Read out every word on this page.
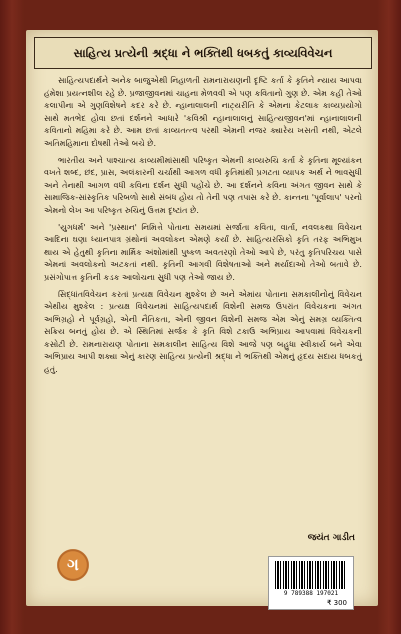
સાહિત્ય પ્રત્યેની શ્રદ્ધા ને ભક્તિથી ધબકતું કાવ્યવિવેચન

સાહિત્યપદાર્થને અનેક બાજુએથી નિહાળતી રામનારાયણની દૃષ્ટિ કર્તા કે કૃતિને ન્યાય આપવા હંમેશા પ્રયત્નશીલ રહે છે. પ્રજાજીવનમાં ચાહના મેળવવી એ પણ કવિતાનો ગુણ છે. એમ કહી તેઓ કલાપીના એ ગુણવિશેષને કદર કરે છે. ન્હાનાલાલની નાટ્યરીતિ કે એમના કેટલાક કાવ્યપ્રયોગો સાથે મતભેદ હોવા છતાં દર્શનને આધારે 'કવિશ્રી ન્હાનાલાલનું સાહિત્યજીવન'માં ન્હાનાલાલની કવિતાનો મહિમા કરે છે. આમ છતાં કાવ્યતત્ત્વ પરથી એમની નજર ક્યારેય ખસતી નથી, એટલે અતિમહિમાના દોષથી તેઓ બચે છે.

ભારતીય અને પાશ્ચાત્ય કાવ્યમીમાંસાથી પરિષ્કૃત એમની કાવ્યરુચિ કર્તા કે કૃતિના મૂલ્યાંકન વખતે શબ્દ, છંદ, પ્રાસ, અલંકારની ચર્ચાથી આગળ વધી કૃતિમાંથી પ્રગટતા વ્યાપક અર્થ ને ભાવસુધી અને તેનાથી આગળ વધી કવિના દર્શન સુધી પહોંચે છે. આ દર્શનને કવિના અંગત જીવન સાથે કે સામાજિક-સાંસ્કૃતિક પરિબળો સાથે સંબંધ હોય તો તેની પણ તપાસ કરે છે. કાન્તના 'પૂર્વાલાપ' પરનો એમનો લેખ આ પરિષ્કૃત રુચિનું ઉત્તમ દૃષ્ટાંત છે.

'યુગધર્મ' અને 'પ્રસ્થાન' નિમિત્તે પોતાના સમયમાં સર્જાતા કવિતા, વાર્તા, નવલકથા વિવેચન આદિના ઘણા ધ્યાનપાત્ર ગ્રંથોનાં અવલોકન એમણે કર્યાં છે. સાહિત્યરસિકો કૃતિ તરફ અભિમુખ થાય એ હેતુથી કૃતિના માર્મિક અંશોમાંથી પુષ્કળ અવતરણો તેઓ આપે છે, પરંતુ કૃતિપરિચય પાસે એમનાં અવલોકનો અટકતાં નથી. કૃતિની આગવી વિશેષતાઓ અને મર્યાદાઓ તેઓ બતાવે છે. પ્રસંગોપાત્ત કૃતિની કડક આલોચના સુધી પણ તેઓ જાય છે.

સિદ્ધાંતવિવેચન કરતાં પ્રત્યક્ષ વિવેચન મુશ્કેલ છે અને એમાંય પોતાના સમકાલીનોનું વિવેચન એથીય મુશ્કેલ : પ્રત્યક્ષ વિવેચનમાં સાહિત્યપદાર્થ વિશેની સમજ ઉપરાંત વિવેચકના અંગત અભિગ્રહો ને પૂર્વગ્રહો, એની નૈતિકતા, એની જીવન વિશેની સમજ એમ એનું સમગ્ર વ્યક્તિત્વ સક્રિય બનતું હોય છે. એ સ્થિતિમાં સર્જક કે કૃતિ વિશે ટકાઉ અભિપ્રાય આપવામાં વિવેચકની કસોટી છે. રામનારાયણ પોતાના સમકાલીન સાહિત્ય વિશે આજે પણ બહુધા સ્વીકાર્ય બને એવા અભિપ્રાય આપી શક્યા એનું કારણ સાહિત્ય પ્રત્યેની શ્રદ્ધા ને ભક્તિથી એમનું હૃદય સદાય ધબકતું હતું.

જયંત ગાડીત
ગ
9 789388 197021
₹ 300
